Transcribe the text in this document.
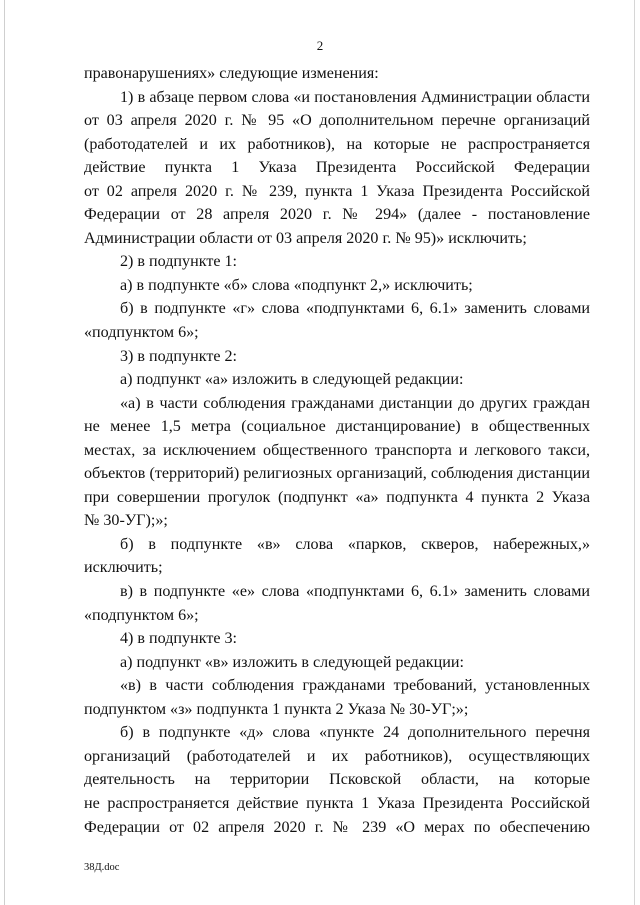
2
правонарушениях» следующие изменения:
1) в абзаце первом слова «и постановления Администрации области
от 03 апреля 2020 г. № 95 «О дополнительном перечне организаций
(работодателей и их работников), на которые не распространяется
действие пункта 1 Указа Президента Российской Федерации
от 02 апреля 2020 г. № 239, пункта 1 Указа Президента Российской
Федерации от 28 апреля 2020 г. № 294» (далее - постановление
Администрации области от 03 апреля 2020 г. № 95)» исключить;
2) в подпункте 1:
а) в подпункте «б» слова «подпункт 2,» исключить;
б) в подпункте «г» слова «подпунктами 6, 6.1» заменить словами
«подпунктом 6»;
3) в подпункте 2:
а) подпункт «а» изложить в следующей редакции:
«а) в части соблюдения гражданами дистанции до других граждан
не менее 1,5 метра (социальное дистанцирование) в общественных
местах, за исключением общественного транспорта и легкового такси,
объектов (территорий) религиозных организаций, соблюдения дистанции
при совершении прогулок (подпункт «а» подпункта 4 пункта 2 Указа
№ 30-УГ);»;
б) в подпункте «в» слова «парков, скверов, набережных,»
исключить;
в) в подпункте «е» слова «подпунктами 6, 6.1» заменить словами
«подпунктом 6»;
4) в подпункте 3:
а) подпункт «в» изложить в следующей редакции:
«в) в части соблюдения гражданами требований, установленных
подпунктом «з» подпункта 1 пункта 2 Указа № 30-УГ;»;
б) в подпункте «д» слова «пункте 24 дополнительного перечня
организаций (работодателей и их работников), осуществляющих
деятельность на территории Псковской области, на которые
не распространяется действие пункта 1 Указа Президента Российской
Федерации от 02 апреля 2020 г. № 239 «О мерах по обеспечению
38Д.doc
